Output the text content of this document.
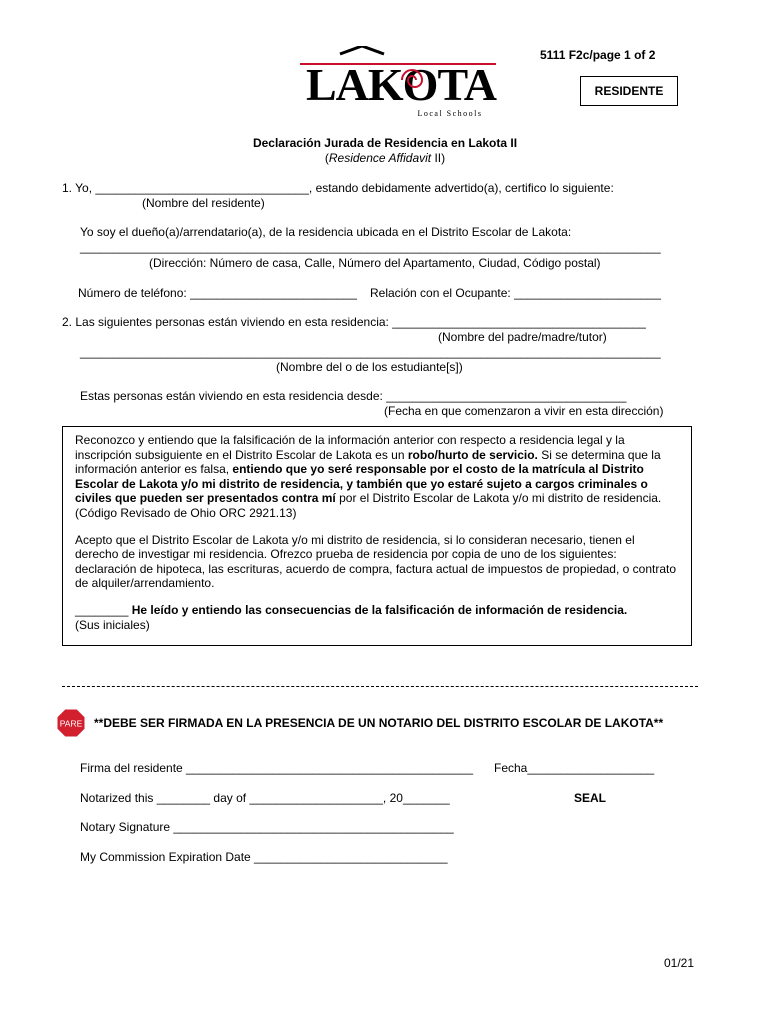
5111 F2c/page 1 of 2
LAKOTA
Local Schools
RESIDENTE
Declaración Jurada de Residencia en Lakota II
(Residence Affidavit II)
1. Yo, ________________________________, estando debidamente advertido(a), certifico lo siguiente:
(Nombre del residente)
Yo soy el dueño(a)/arrendatario(a), de la residencia ubicada en el Distrito Escolar de Lakota:
_______________________________________________________________________________________
(Dirección: Número de casa, Calle, Número del Apartamento, Ciudad, Código postal)
Número de teléfono: _________________________ Relación con el Ocupante: ______________________
2. Las siguientes personas están viviendo en esta residencia: ______________________________________
(Nombre del padre/madre/tutor)
_______________________________________________________________________________________
(Nombre del o de los estudiante[s])
Estas personas están viviendo en esta residencia desde: ____________________________________
(Fecha en que comenzaron a vivir en esta dirección)

Reconozco y entiendo que la falsificación de la información anterior con respecto a residencia legal y la inscripción subsiguiente en el Distrito Escolar de Lakota es un robo/hurto de servicio. Si se determina que la información anterior es falsa, entiendo que yo seré responsable por el costo de la matrícula al Distrito Escolar de Lakota y/o mi distrito de residencia, y también que yo estaré sujeto a cargos criminales o civiles que pueden ser presentados contra mí por el Distrito Escolar de Lakota y/o mi distrito de residencia. (Código Revisado de Ohio ORC 2921.13)

Acepto que el Distrito Escolar de Lakota y/o mi distrito de residencia, si lo consideran necesario, tienen el derecho de investigar mi residencia. Ofrezco prueba de residencia por copia de uno de los siguientes: declaración de hipoteca, las escrituras, acuerdo de compra, factura actual de impuestos de propiedad, o contrato de alquiler/arrendamiento.

________ He leído y entiendo las consecuencias de la falsificación de información de residencia.
(Sus iniciales)
PARE **DEBE SER FIRMADA EN LA PRESENCIA DE UN NOTARIO DEL DISTRITO ESCOLAR DE LAKOTA**
Firma del residente ___________________________________________ Fecha___________________
Notarized this ________ day of ____________________, 20_______	SEAL
Notary Signature __________________________________________
My Commission Expiration Date _____________________________
01/21
